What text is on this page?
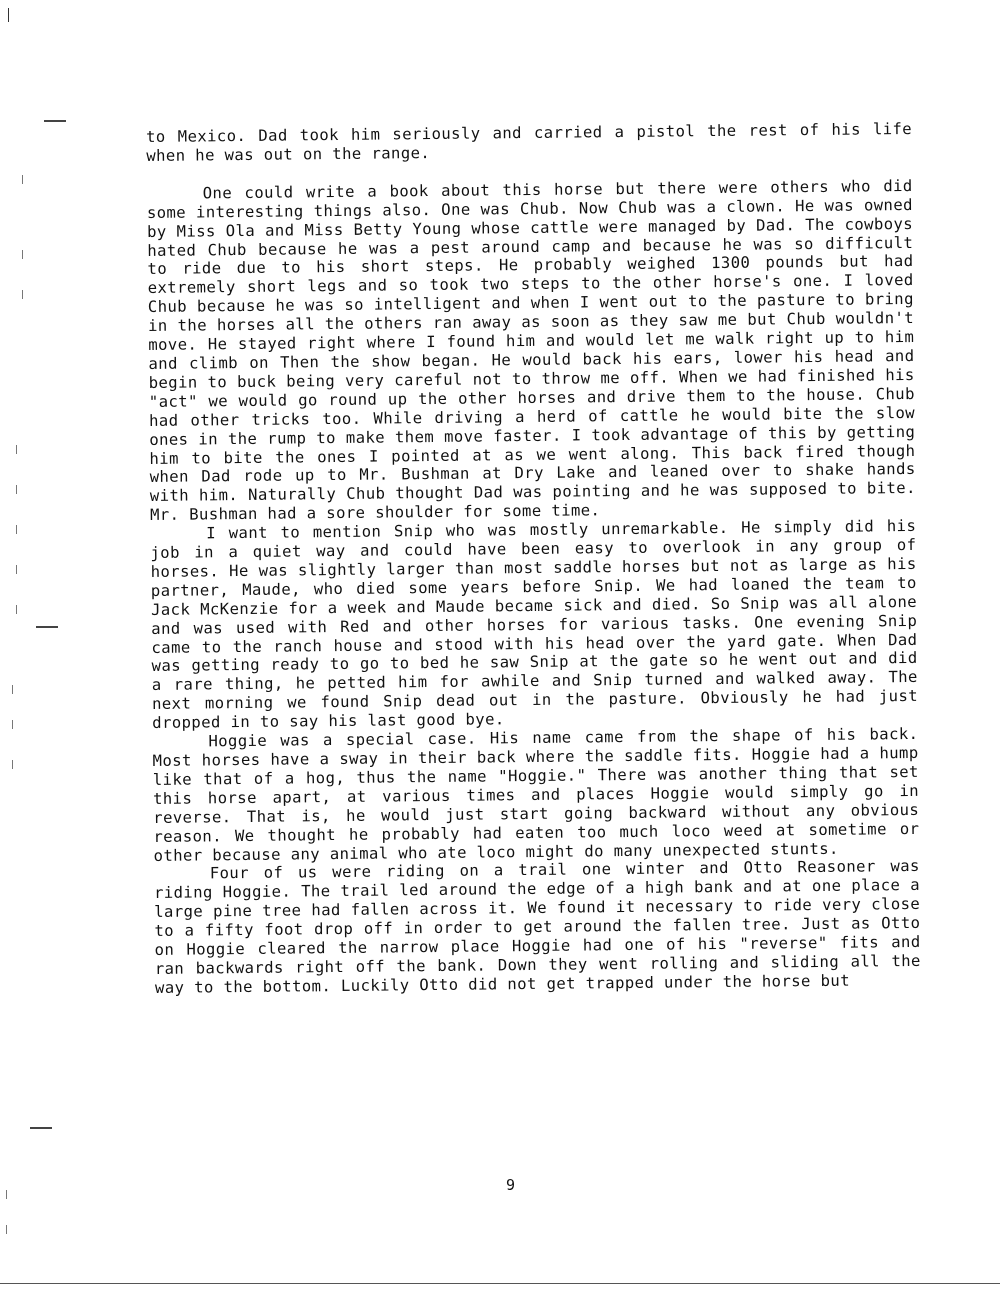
to Mexico. Dad took him seriously and carried a pistol the rest of his life when he was out on the range.

One could write a book about this horse but there were others who did some interesting things also. One was Chub. Now Chub was a clown. He was owned by Miss Ola and Miss Betty Young whose cattle were managed by Dad. The cowboys hated Chub because he was a pest around camp and because he was so difficult to ride due to his short steps. He probably weighed 1300 pounds but had extremely short legs and so took two steps to the other horse's one. I loved Chub because he was so intelligent and when I went out to the pasture to bring in the horses all the others ran away as soon as they saw me but Chub wouldn't move. He stayed right where I found him and would let me walk right up to him and climb on Then the show began. He would back his ears, lower his head and begin to buck being very careful not to throw me off. When we had finished his "act" we would go round up the other horses and drive them to the house. Chub had other tricks too. While driving a herd of cattle he would bite the slow ones in the rump to make them move faster. I took advantage of this by getting him to bite the ones I pointed at as we went along. This back fired though when Dad rode up to Mr. Bushman at Dry Lake and leaned over to shake hands with him. Naturally Chub thought Dad was pointing and he was supposed to bite. Mr. Bushman had a sore shoulder for some time.

I want to mention Snip who was mostly unremarkable. He simply did his job in a quiet way and could have been easy to overlook in any group of horses. He was slightly larger than most saddle horses but not as large as his partner, Maude, who died some years before Snip. We had loaned the team to Jack McKenzie for a week and Maude became sick and died. So Snip was all alone and was used with Red and other horses for various tasks. One evening Snip came to the ranch house and stood with his head over the yard gate. When Dad was getting ready to go to bed he saw Snip at the gate so he went out and did a rare thing, he petted him for awhile and Snip turned and walked away. The next morning we found Snip dead out in the pasture. Obviously he had just dropped in to say his last good bye.

Hoggie was a special case. His name came from the shape of his back. Most horses have a sway in their back where the saddle fits. Hoggie had a hump like that of a hog, thus the name "Hoggie." There was another thing that set this horse apart, at various times and places Hoggie would simply go in reverse. That is, he would just start going backward without any obvious reason. We thought he probably had eaten too much loco weed at sometime or other because any animal who ate loco might do many unexpected stunts.

Four of us were riding on a trail one winter and Otto Reasoner was riding Hoggie. The trail led around the edge of a high bank and at one place a large pine tree had fallen across it. We found it necessary to ride very close to a fifty foot drop off in order to get around the fallen tree. Just as Otto on Hoggie cleared the narrow place Hoggie had one of his "reverse" fits and ran backwards right off the bank. Down they went rolling and sliding all the way to the bottom. Luckily Otto did not get trapped under the horse but

9
